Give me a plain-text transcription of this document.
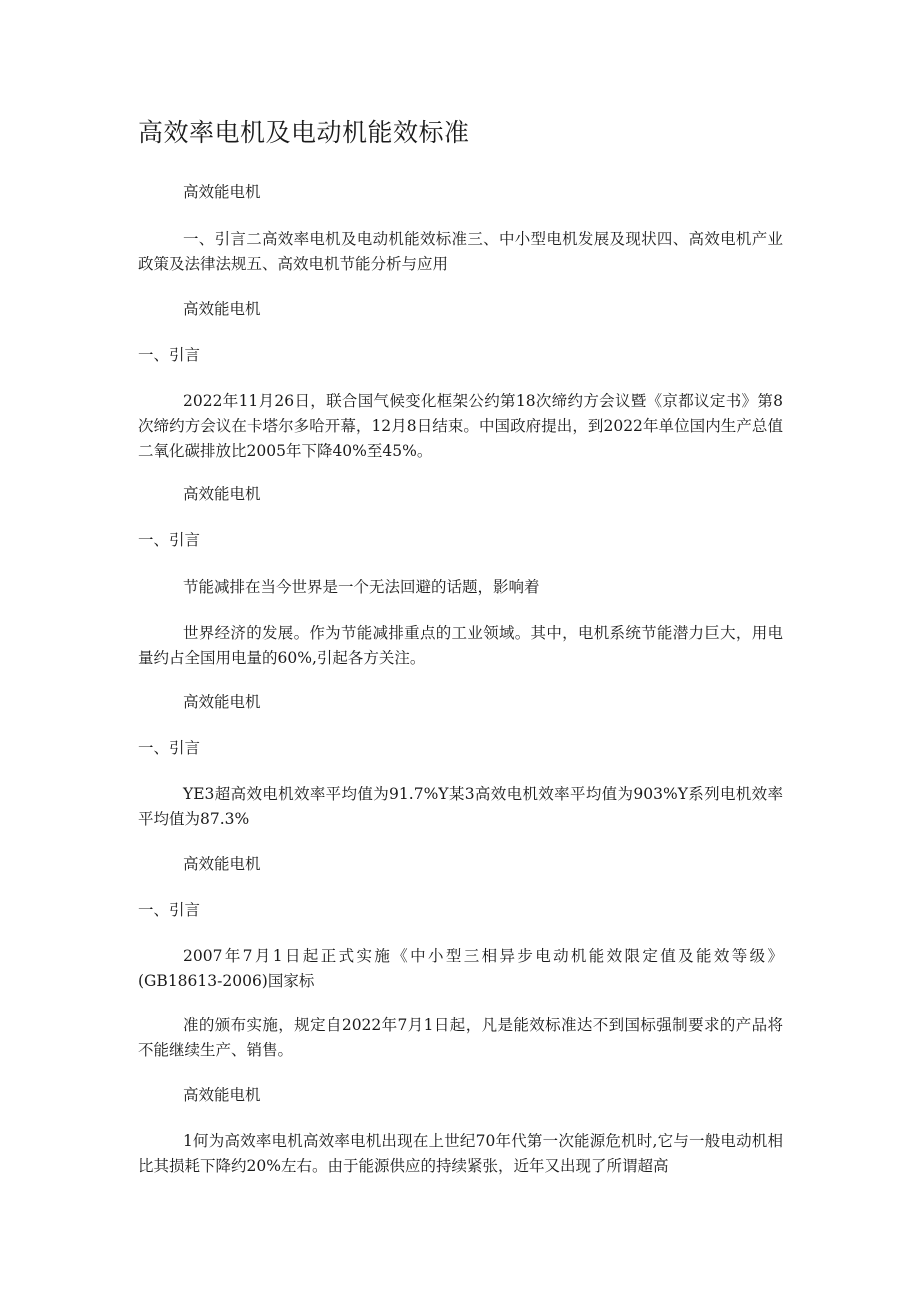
高效率电机及电动机能效标准

高效能电机

一、引言二高效率电机及电动机能效标准三、中小型电机发展及现状四、高效电机产业政策及法律法规五、高效电机节能分析与应用

高效能电机

一、引言

2022年11月26日，联合国气候变化框架公约第18次缔约方会议暨《京都议定书》第8次缔约方会议在卡塔尔多哈开幕，12月8日结束。中国政府提出，到2022年单位国内生产总值二氧化碳排放比2005年下降40%至45%。

高效能电机

一、引言

节能减排在当今世界是一个无法回避的话题，影响着

世界经济的发展。作为节能减排重点的工业领域。其中，电机系统节能潜力巨大，用电量约占全国用电量的60%,引起各方关注。

高效能电机

一、引言

YE3超高效电机效率平均值为91.7%Y某3高效电机效率平均值为903%Y系列电机效率平均值为87.3%

高效能电机

一、引言

2007年7月1日起正式实施《中小型三相异步电动机能效限定值及能效等级》(GB18613-2006)国家标

准的颁布实施，规定自2022年7月1日起，凡是能效标准达不到国标强制要求的产品将不能继续生产、销售。

高效能电机

1何为高效率电机高效率电机出现在上世纪70年代第一次能源危机时,它与一般电动机相比其损耗下降约20%左右。由于能源供应的持续紧张，近年又出现了所谓超高
